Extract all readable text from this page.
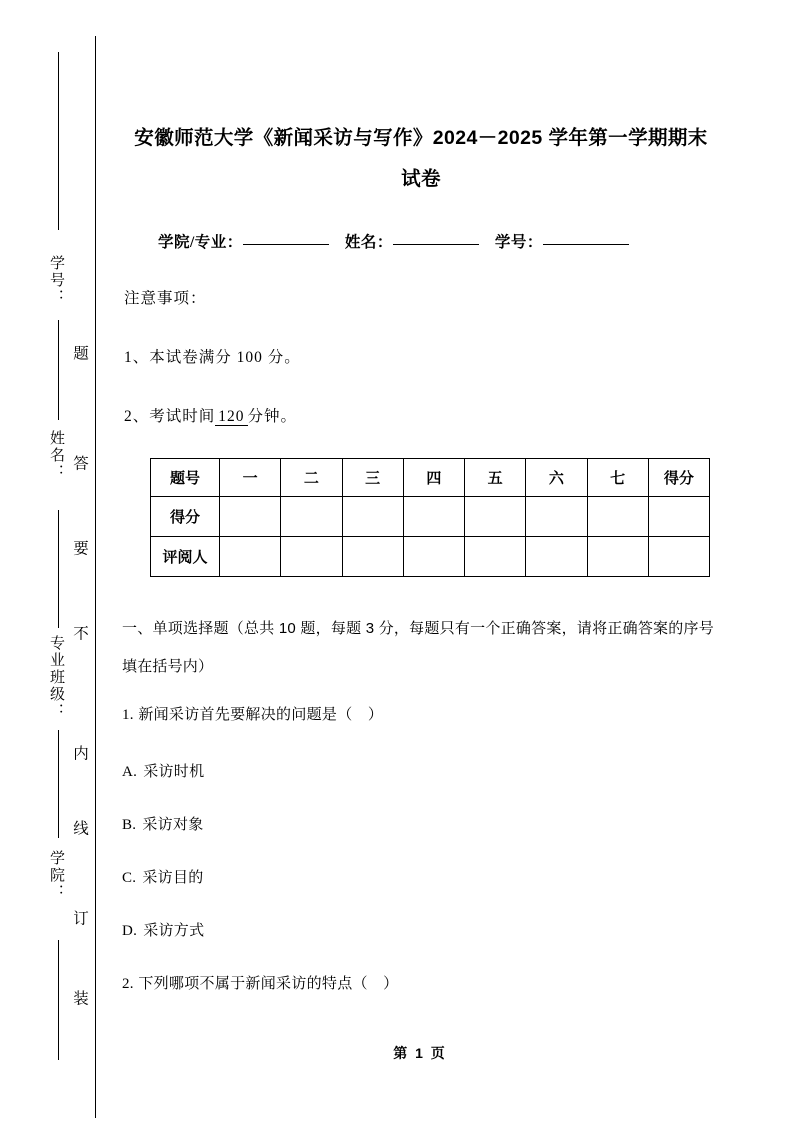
学号：
姓名：
专业班级：
学院：
题
答
要
不
内
线
订
装
安徽师范大学《新闻采访与写作》2024－2025 学年第一学期期末试卷
学院/专业：	姓名：	学号：
注意事项：
1、本试卷满分 100 分。
2、考试时间 120 分钟。
题号	一	二	三	四	五	六	七	得分
得分								
评阅人								
一、单项选择题（总共 10 题，每题 3 分，每题只有一个正确答案，请将正确答案的序号填在括号内）
1. 新闻采访首先要解决的问题是（　）
A. 采访时机
B. 采访对象
C. 采访目的
D. 采访方式
2. 下列哪项不属于新闻采访的特点（　）
第 1 页
